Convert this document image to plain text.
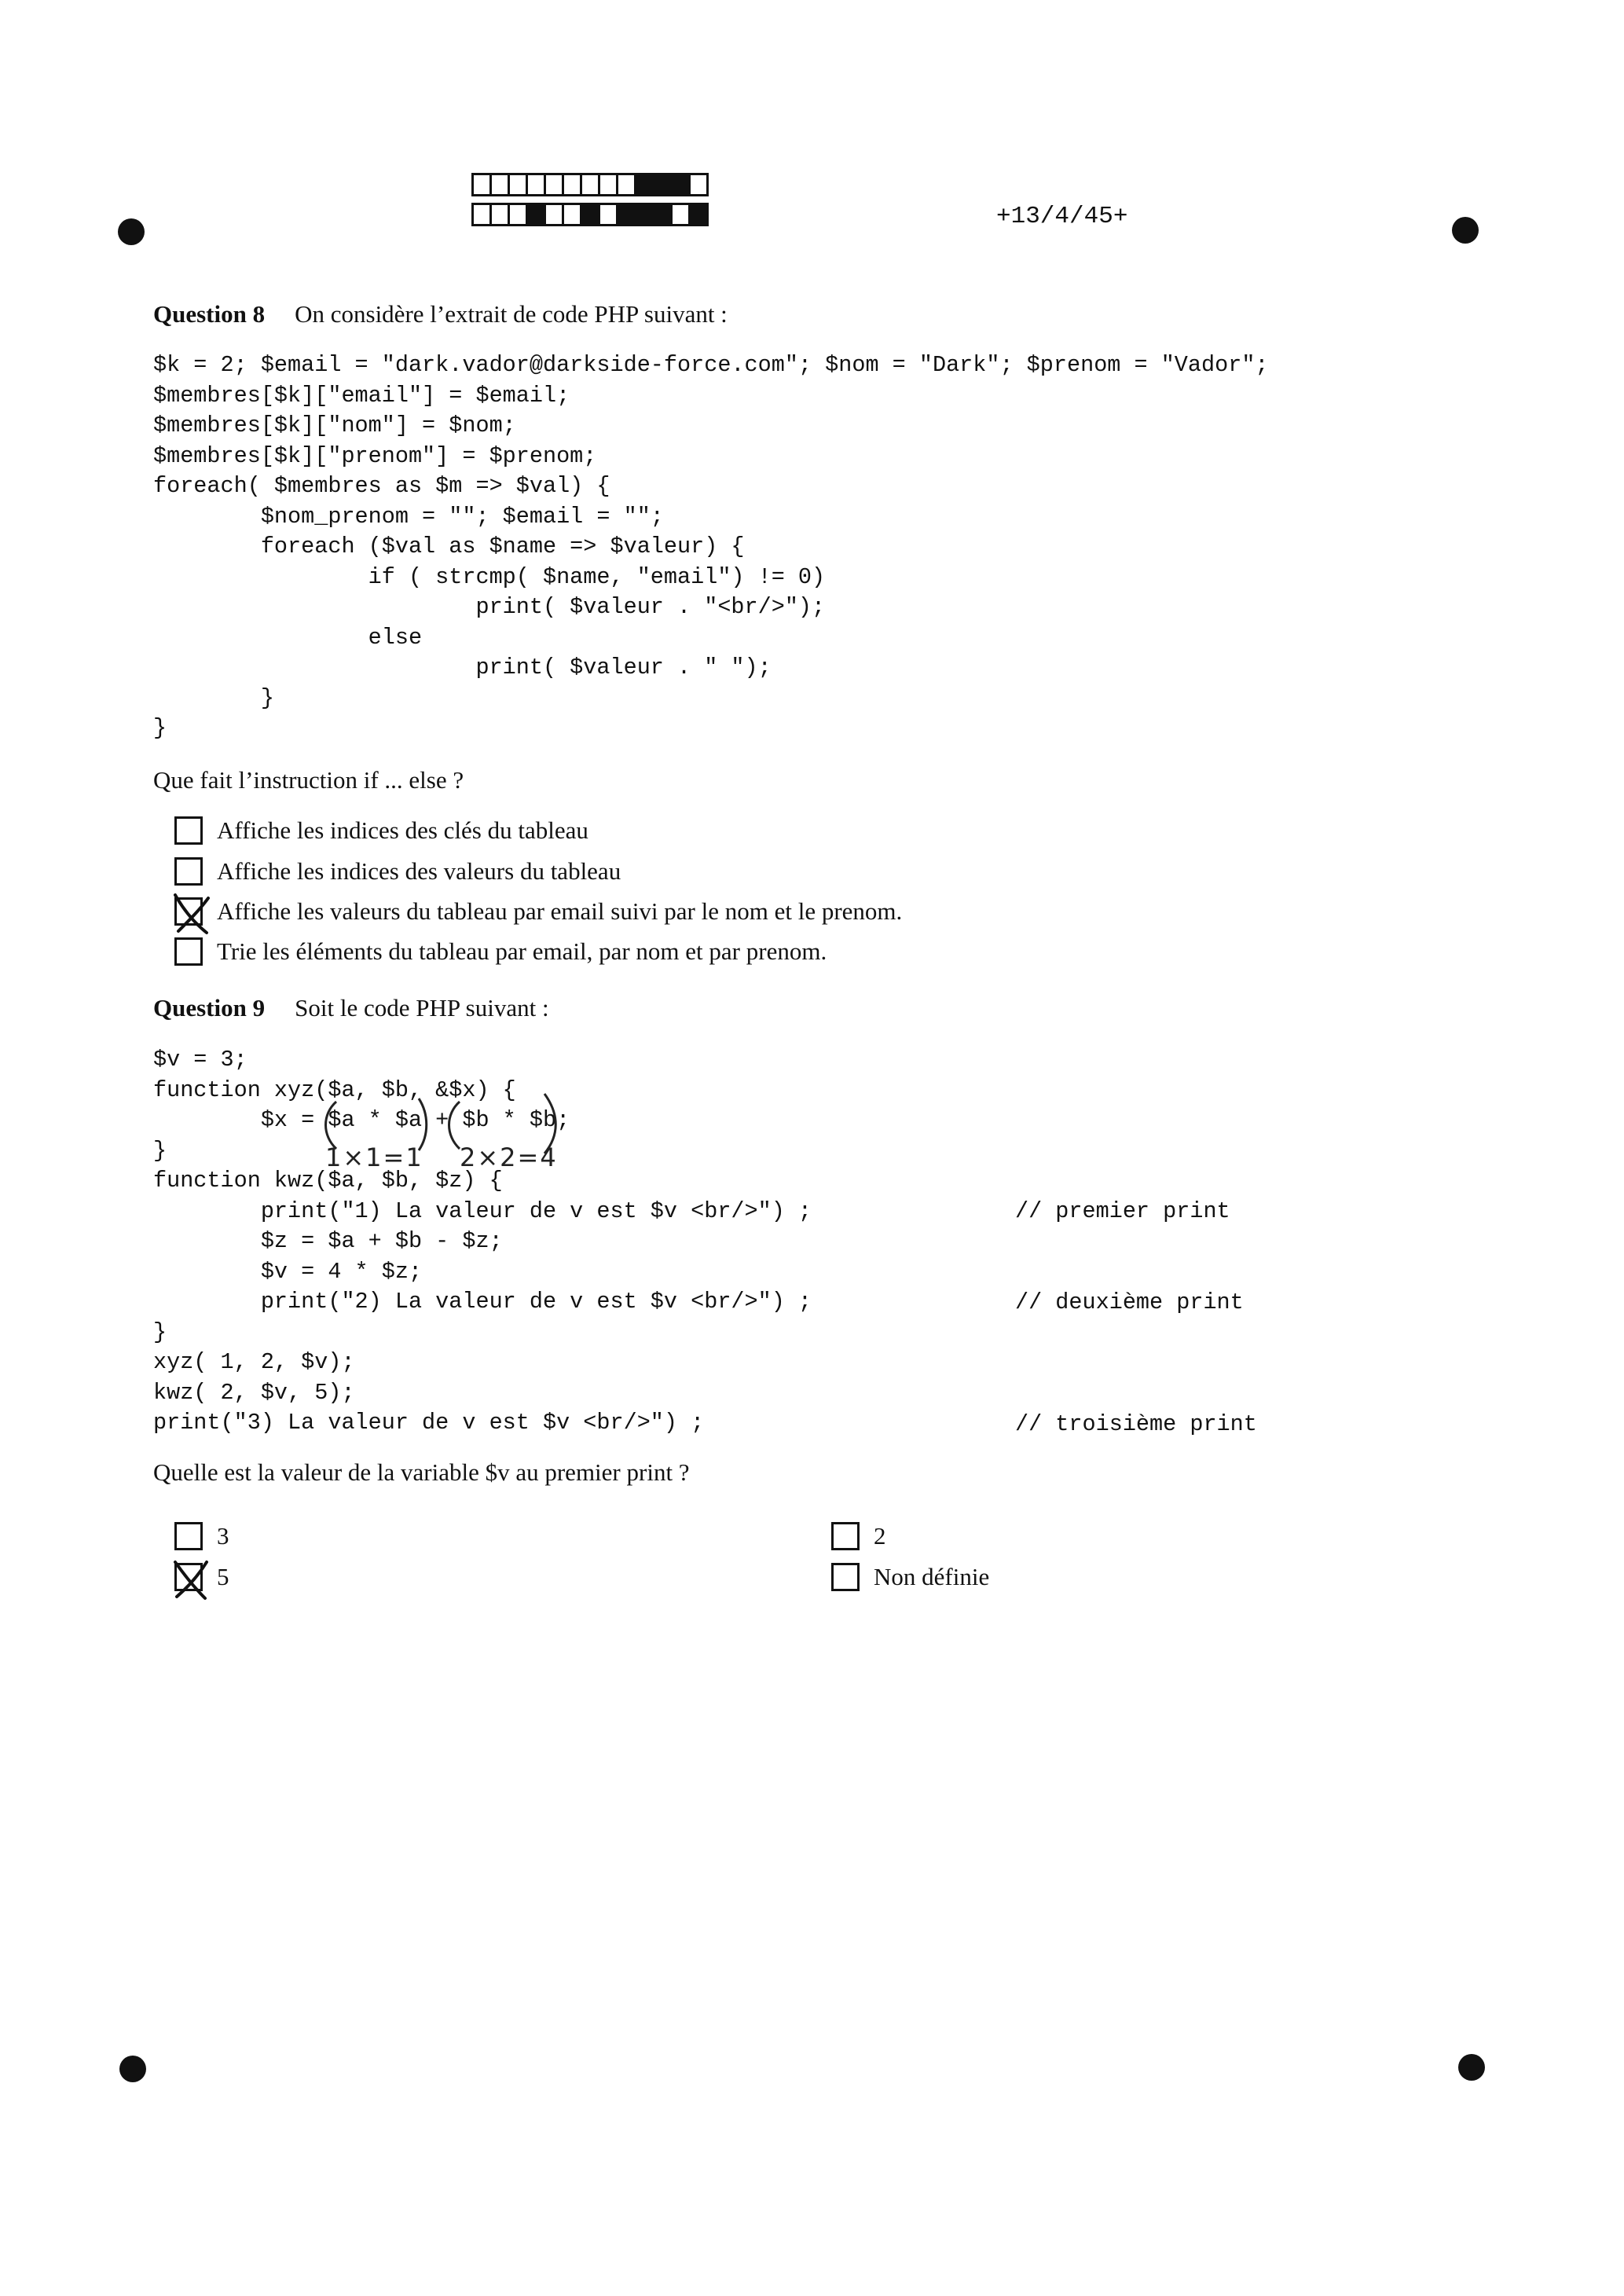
+13/4/45+
Question 8 On considère l’extrait de code PHP suivant :
$k = 2; $email = "dark.vador@darkside-force.com"; $nom = "Dark"; $prenom = "Vador";
$membres[$k]["email"] = $email;
$membres[$k]["nom"] = $nom;
$membres[$k]["prenom"] = $prenom;
foreach( $membres as $m => $val) {
$nom_prenom = ""; $email = "";
foreach ($val as $name => $valeur) {
if ( strcmp( $name, "email") != 0)
print( $valeur . "<br/>");
else
print( $valeur . " ");
}
}
Que fait l’instruction if ... else ?
Affiche les indices des clés du tableau
Affiche les indices des valeurs du tableau
Affiche les valeurs du tableau par email suivi par le nom et le prenom.
Trie les éléments du tableau par email, par nom et par prenom.
Question 9 Soit le code PHP suivant :
$v = 3;
function xyz($a, $b, &$x) {
$x = $a * $a + $b * $b;
}
function kwz($a, $b, $z) {
print("1) La valeur de v est $v <br/>") ;
$z = $a + $b - $z;
$v = 4 * $z;
print("2) La valeur de v est $v <br/>") ;
}
xyz( 1, 2, $v);
kwz( 2, $v, 5);
print("3) La valeur de v est $v <br/>") ;
// premier print
// deuxième print
// troisième print
1×1=1 2×2=4
Quelle est la valeur de la variable $v au premier print ?
3
5
2
Non définie
